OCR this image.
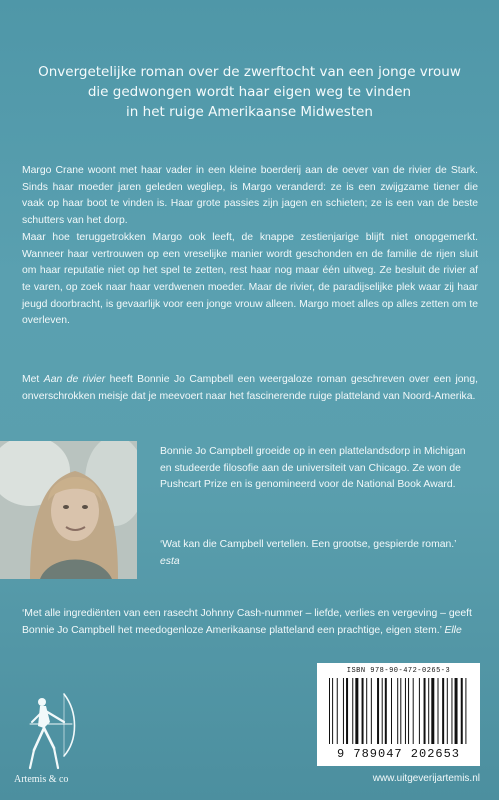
Onvergetelijke roman over de zwerftocht van een jonge vrouw
die gedwongen wordt haar eigen weg te vinden
in het ruige Amerikaanse Midwesten
Margo Crane woont met haar vader in een kleine boerderij aan de oever van de rivier de Stark. Sinds haar moeder jaren geleden wegliep, is Margo veranderd: ze is een zwijgzame tiener die vaak op haar boot te vinden is. Haar grote passies zijn jagen en schieten; ze is een van de beste schutters van het dorp.
Maar hoe teruggetrokken Margo ook leeft, de knappe zestienjarige blijft niet onopgemerkt. Wanneer haar vertrouwen op een vreselijke manier wordt geschonden en de familie de rijen sluit om haar reputatie niet op het spel te zetten, rest haar nog maar één uitweg. Ze besluit de rivier af te varen, op zoek naar haar verdwenen moeder. Maar de rivier, de paradijselijke plek waar zij haar jeugd doorbracht, is gevaarlijk voor een jonge vrouw alleen. Margo moet alles op alles zetten om te overleven.
Met Aan de rivier heeft Bonnie Jo Campbell een weergaloze roman geschreven over een jong, onverschrokken meisje dat je meevoert naar het fascinerende ruige platteland van Noord-Amerika.
Bonnie Jo Campbell groeide op in een plattelandsdorp in Michigan en studeerde filosofie aan de universiteit van Chicago. Ze won de Pushcart Prize en is genomineerd voor de National Book Award.
‘Wat kan die Campbell vertellen. Een grootse, gespierde roman.’ esta
‘Met alle ingrediënten van een rasecht Johnny Cash-nummer – liefde, verlies en vergeving – geeft Bonnie Jo Campbell het meedogenloze Amerikaanse platteland een prachtige, eigen stem.’ Elle
Artemis & co
ISBN 978-90-472-0265-3
9 789047 202653
www.uitgeverijartemis.nl
